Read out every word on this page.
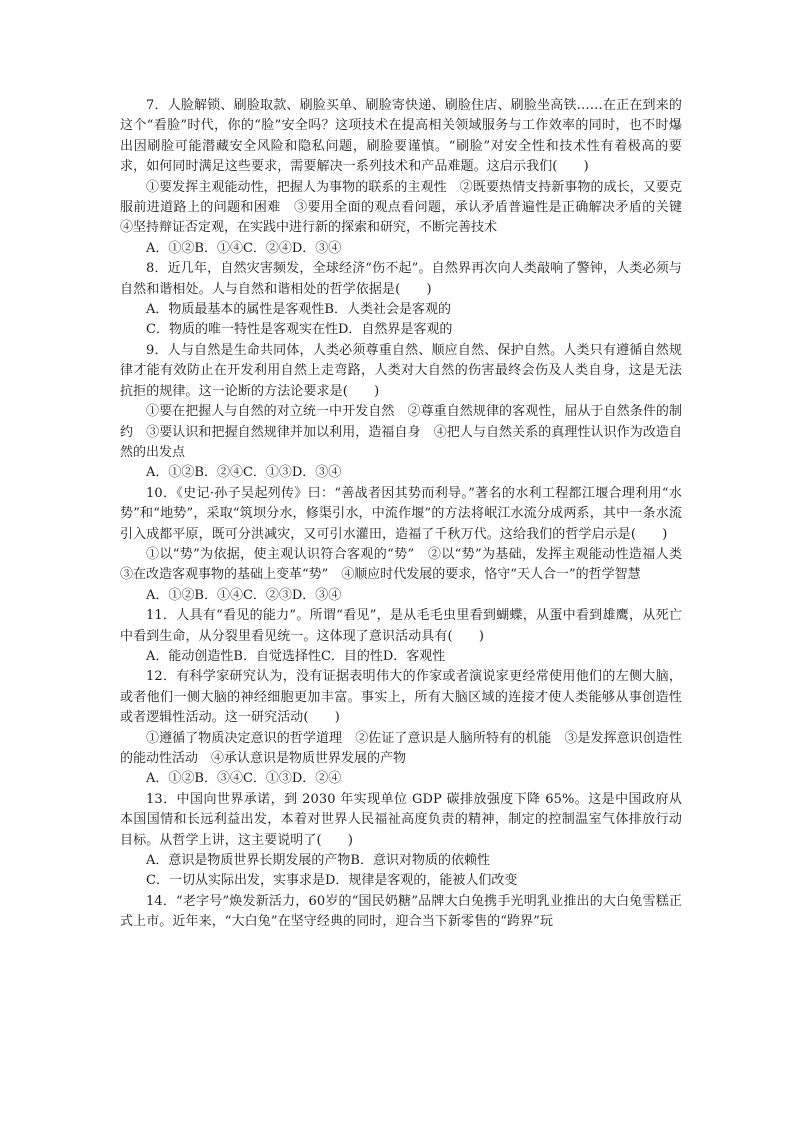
7．人脸解锁、刷脸取款、刷脸买单、刷脸寄快递、刷脸住店、刷脸坐高铁……在正在到来的这个“看脸”时代，你的“脸”安全吗？这项技术在提高相关领域服务与工作效率的同时，也不时爆出因刷脸可能潜藏安全风险和隐私问题，刷脸要谨慎。“刷脸”对安全性和技术性有着极高的要求，如何同时满足这些要求，需要解决一系列技术和产品难题。这启示我们(　　)

①要发挥主观能动性，把握人为事物的联系的主观性　②既要热情支持新事物的成长，又要克服前进道路上的问题和困难　③要用全面的观点看问题，承认矛盾普遍性是正确解决矛盾的关键　④坚持辩证否定观，在实践中进行新的探索和研究，不断完善技术

A．①②B．①④C．②④D．③④

8．近几年，自然灾害频发，全球经济“伤不起”。自然界再次向人类敲响了警钟，人类必须与自然和谐相处。人与自然和谐相处的哲学依据是(　　)

A．物质最基本的属性是客观性B．人类社会是客观的

C．物质的唯一特性是客观实在性D．自然界是客观的

9．人与自然是生命共同体，人类必须尊重自然、顺应自然、保护自然。人类只有遵循自然规律才能有效防止在开发利用自然上走弯路，人类对大自然的伤害最终会伤及人类自身，这是无法抗拒的规律。这一论断的方法论要求是(　　)

①要在把握人与自然的对立统一中开发自然　②尊重自然规律的客观性，屈从于自然条件的制约　③要认识和把握自然规律并加以利用，造福自身　④把人与自然关系的真理性认识作为改造自然的出发点

A．①②B．②④C．①③D．③④

10．《史记·孙子吴起列传》曰：“善战者因其势而利导。”著名的水利工程都江堰合理利用“水势”和“地势”，采取“筑坝分水，修渠引水，中流作堰”的方法将岷江水流分成两系，其中一条水流引入成都平原，既可分洪减灾，又可引水灌田，造福了千秋万代。这给我们的哲学启示是(　　)

①以“势”为依据，使主观认识符合客观的“势”　②以“势”为基础，发挥主观能动性造福人类　③在改造客观事物的基础上变革“势”　④顺应时代发展的要求，恪守“天人合一”的哲学智慧

A．①②B．①④C．②③D．③④

11．人具有“看见的能力”。所谓“看见”，是从毛毛虫里看到蝴蝶，从蛋中看到雄鹰，从死亡中看到生命，从分裂里看见统一。这体现了意识活动具有(　　)

A．能动创造性B．自觉选择性C．目的性D．客观性

12．有科学家研究认为，没有证据表明伟大的作家或者演说家更经常使用他们的左侧大脑，或者他们一侧大脑的神经细胞更加丰富。事实上，所有大脑区域的连接才使人类能够从事创造性或者逻辑性活动。这一研究活动(　　)

①遵循了物质决定意识的哲学道理　②佐证了意识是人脑所特有的机能　③是发挥意识创造性的能动性活动　④承认意识是物质世界发展的产物

A．①②B．③④C．①③D．②④

13．中国向世界承诺，到 2030 年实现单位 GDP 碳排放强度下降 65%。这是中国政府从本国国情和长远利益出发，本着对世界人民福祉高度负责的精神，制定的控制温室气体排放行动目标。从哲学上讲，这主要说明了(　　)

A．意识是物质世界长期发展的产物B．意识对物质的依赖性

C．一切从实际出发，实事求是D．规律是客观的，能被人们改变

14．“老字号”焕发新活力，60岁的“国民奶糖”品牌大白兔携手光明乳业推出的大白兔雪糕正式上市。近年来，“大白兔”在坚守经典的同时，迎合当下新零售的“跨界”玩
